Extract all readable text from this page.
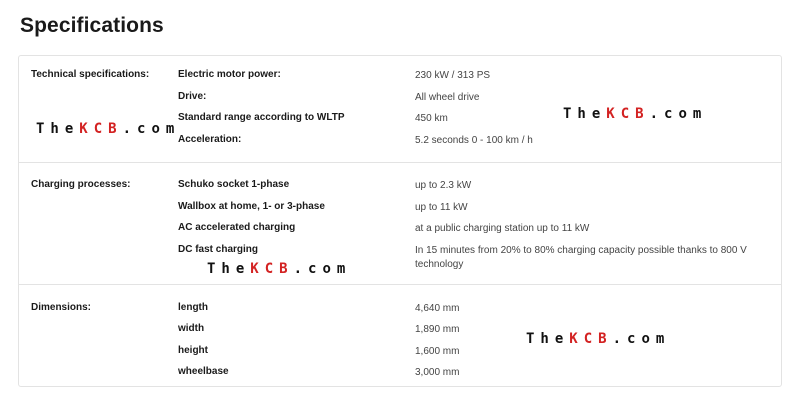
Specifications
Technical specifications:	Electric motor power:	230 kW / 313 PS
Drive:	All wheel drive
Standard range according to WLTP	450 km
Acceleration:	5.2 seconds 0 - 100 km / h
Charging processes:	Schuko socket 1-phase	up to 2.3 kW
Wallbox at home, 1- or 3-phase	up to 11 kW
AC accelerated charging	at a public charging station up to 11 kW
DC fast charging	In 15 minutes from 20% to 80% charging capacity possible thanks to 800 V technology
Dimensions:	length	4,640 mm
width	1,890 mm
height	1,600 mm
wheelbase	3,000 mm
TheKCB.com
TheKCB.com
TheKCB.com
TheKCB.com
